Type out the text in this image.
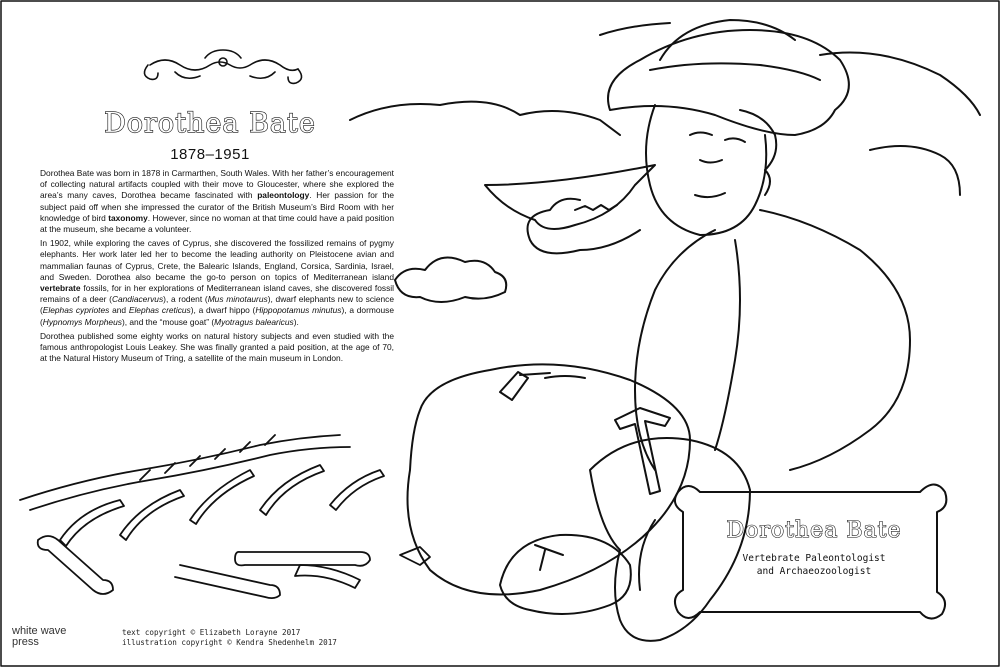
Dorothea Bate
1878–1951

Dorothea Bate was born in 1878 in Carmarthen, South Wales. With her father’s encouragement of collecting natural artifacts coupled with their move to Gloucester, where she explored the area’s many caves, Dorothea became fascinated with paleontology. Her passion for the subject paid off when she impressed the curator of the British Museum’s Bird Room with her knowledge of bird taxonomy. However, since no woman at that time could have a paid position at the museum, she became a volunteer.

In 1902, while exploring the caves of Cyprus, she discovered the fossilized remains of pygmy elephants. Her work later led her to become the leading authority on Pleistocene avian and mammalian faunas of Cyprus, Crete, the Balearic Islands, England, Corsica, Sardinia, Israel, and Sweden. Dorothea also became the go-to person on topics of Mediterranean island vertebrate fossils, for in her explorations of Mediterranean island caves, she discovered fossil remains of a deer (Candiacervus), a rodent (Mus minotaurus), dwarf elephants new to science (Elephas cypriotes and Elephas creticus), a dwarf hippo (Hippopotamus minutus), a dormouse (Hypnomys Morpheus), and the “mouse goat” (Myotragus balearicus).

Dorothea published some eighty works on natural history subjects and even studied with the famous anthropologist Louis Leakey. She was finally granted a paid position, at the age of 70, at the Natural History Museum of Tring, a satellite of the main museum in London.

Dorothea Bate
Vertebrate Paleontologist
and Archaeozoologist
white wave
press
text copyright © Elizabeth Lorayne 2017
illustration copyright © Kendra Shedenhelm 2017
